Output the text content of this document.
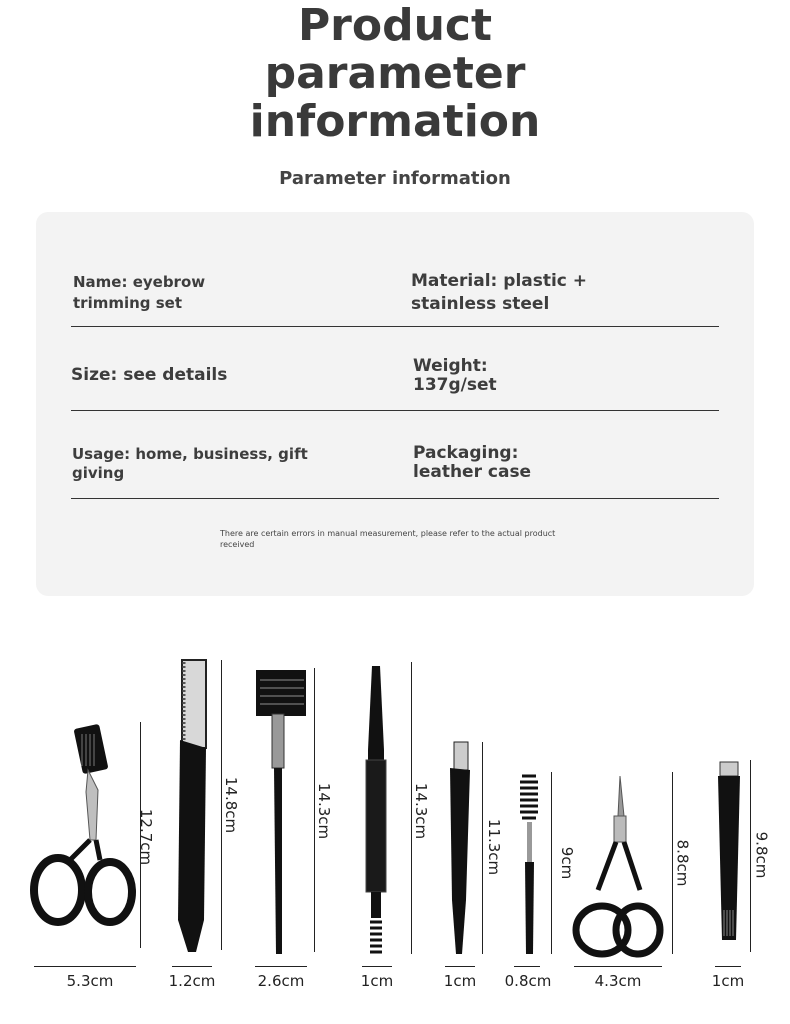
Product
parameter
information
Parameter information
Name: eyebrow trimming set
Material: plastic + stainless steel
Size: see details	Weight: 137g/set
Usage: home, business, gift giving
Packaging: leather case
There are certain errors in manual measurement, please refer to the actual product received
12.7cm
5.3cm
14.8cm
1.2cm
14.3cm
2.6cm
14.3cm
1cm
11.3cm
1cm
9cm
0.8cm
8.8cm
4.3cm
9.8cm
1cm
